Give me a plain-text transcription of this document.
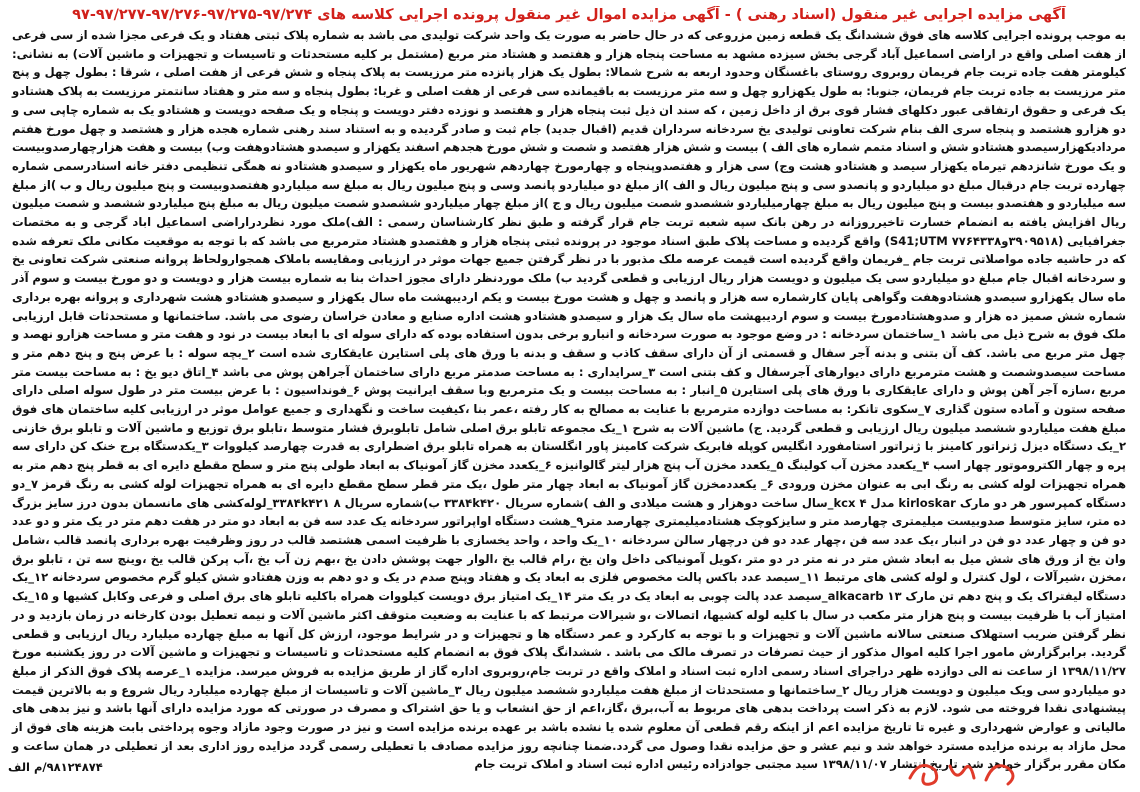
آگهی مزایده اجرایی غیر منقول (اسناد رهنی ) - آگهی مزایده اموال غیر منقول پرونده اجرایی کلاسه های ۹۷/۲۷۴-۹۷/۲۷۵-۹۷/۲۷۶-۹۷/۲۷۷-۹۷

به موجب پرونده اجرایی کلاسه های فوق ششدانگ یک قطعه زمین مزروعی که در حال حاضر به صورت یک واحد شرکت تولیدی می باشد به شماره پلاک ثبتی هفتاد و یک فرعی مجزا شده از سی فرعی از هفت اصلی واقع در اراضی اسماعیل آباد گرجی بخش سیزده مشهد به مساحت پنجاه هزار و هفتصد و هشتاد متر مربع (مشتمل بر کلیه مستحدثات و تاسیسات و تجهیزات و ماشین آلات) به نشانی: کیلومتر هفت جاده تربت جام فریمان روبروی روستای باغسنگان وحدود اربعه به شرح شمالا: بطول یک هزار پانزده متر مرزیست به پلاک پنجاه و شش فرعی از هفت اصلی ، شرقا : بطول چهل و پنج متر مرزیست به جاده تربت جام فریمان، جنوبا: به طول یکهزارو چهل و سه متر مرزیست به باقیمانده سی فرعی از هفت اصلی و غربا: بطول پنجاه و سه متر و هفتاد سانتمتر مرزیست به پلاک هشتادو یک فرعی و حقوق ارتفاقی عبور دکلهای فشار قوی برق از داخل زمین ، که سند ان ذیل ثبت پنجاه هزار و هفتصد و نوزده دفتر دویست و پنجاه و یک صفحه دویست و هشتادو یک به شماره چاپی سی و دو هزارو هشتصد و پنجاه سری الف بنام شرکت تعاونی تولیدی یخ سردخانه سرداران قدیم (اقبال جدید) جام ثبت و صادر گردیده و به استناد سند رهنی شماره هجده هزار و هشتصد و چهل مورخ هفتم مردادیکهزارسیصدو هشتادو شش و اسناد متمم شماره های الف ) بیست و شش هزار هفتصد و شصت و شش مورخ هجدهم اسفند یکهزار و سیصدو هشتادوهفت وب) بیست و هفت هزارچهارصدوبیست و یک مورخ شانزدهم تیرماه یکهزار سیصد و هشتادو هشت وج) سی هزار و هفتصدوپنجاه و چهارمورخ چهاردهم شهریور ماه یکهزار و سیصدو هشتادو نه همگی تنظیمی دفتر خانه اسنادرسمی شماره چهارده تربت جام درقبال مبلغ دو میلیاردو و پانصدو سی و پنج میلیون ریال و الف )از مبلغ دو میلیاردو پانصد وسی و پنج میلیون ریال به مبلغ سه میلیاردو هفتصدوبیست و پنج میلیون ریال و ب )از مبلغ سه میلیاردو و هفتصدو بیست و پنج میلیون ریال به مبلغ چهارمیلیاردو ششصدو شصت میلیون ریال و ج )از مبلغ چهار میلیاردو ششصدو شصت میلیون ریال به مبلغ پنج میلیاردو ششصد و شصت میلیون ریال افزایش یافته به انضمام خسارت تاخیرروزانه در رهن بانک سپه شعبه تربت جام قرار گرفته و طبق نظر کارشناسان رسمی : الف)ملک مورد نظردراراضی اسماعیل اباد گرجی و به مختصات جغرافیایی (۳۹۰۹۵۱۸و۷۷۶۴۳۳۸ S41;UTM) واقع گردیده و مساحت پلاک طبق اسناد موجود در پرونده ثبتی پنجاه هزار و هفتصدو هشتاد مترمربع می باشد که با توجه به موقعیت مکانی ملک تعرفه شده که در حاشیه جاده مواصلاتی تربت جام _فریمان واقع گردیده است قیمت عرصه ملک مذبور با در نظر گرفتن جمیع جهات موثر در ارزیابی ومقایسه باملاک همجوارولحاظ پروانه صنعتی شرکت تعاونی یخ و سردخانه اقبال جام مبلغ دو میلیاردو سی یک میلیون و دویست هزار ریال ارزیابی و قطعی گردید ب) ملک موردنظر دارای مجوز احداث بنا به شماره بیست هزار و دویست و دو مورخ بیست و سوم آذر ماه سال یکهزارو سیصدو هشتادوهفت وگواهی پایان کارشماره سه هزار و پانصد و چهل و هشت مورخ بیست و یکم اردیبهشت ماه سال یکهزار و سیصدو هشتادو هشت شهرداری و پروانه بهره برداری شماره شش صمیز ده هزار و صدوهشتادمورخ بیست و سوم اردیبهشت ماه سال یک هزار و سیصدو هشتادو هشت اداره صنایع و معادن خراسان رضوی می باشد. ساختمانها و مستحدثات قابل ارزیابی ملک فوق به شرح ذیل می باشد ۱_ساختمان سردخانه : در وضع موجود به صورت سردخانه و انبارو برخی بدون استفاده بوده که دارای سوله ای با ابعاد بیست در نود و هفت متر و مساحت هزارو نهصد و چهل متر مربع می باشد. کف آن بتنی و بدنه آجر سفال و قسمتی از آن دارای سقف کاذب و سقف و بدنه با ورق های پلی استایرن عایقکاری شده است ۲_بچه سوله : با عرض پنج و پنج دهم متر و مساحت سیصدوشصت و هشت مترمربع دارای دیوارهای آجرسفال و کف بتنی است ۳_سرایداری : به مساحت صدمتر مربع دارای ساختمان آجراهن پوش می باشد ۴_اتاق دیو یخ : به مساحت بیست متر مربع ،سازه آجر آهن پوش و دارای عایقکاری با ورق های پلی استایرن ۵_انبار : به مساحت بیست و یک مترمربع وبا سقف ایرانیت پوش ۶_فونداسیون : با عرض بیست متر در طول سوله اصلی دارای صفحه ستون و آماده ستون گذاری ۷_سکوی تانکر: به مساحت دوازده مترمربع با عنایت به مصالح به کار رفته ،عمر بنا ،کیفیت ساخت و نگهداری و جمیع عوامل موثر در ارزیابی کلیه ساختمان های فوق مبلغ هفت میلیاردو ششصد میلیون ریال ارزیابی و قطعی گردید. ج) ماشین آلات به شرح ۱_یک مجموعه تابلو برق اصلی شامل تابلوبرق فشار متوسط ،تابلو برق توزیع و ماشین آلات و تابلو برق خازنی ۲_یک دستگاه دیزل ژنراتور کامینز با ژنراتور استامفورد انگلیس کوپله فابریک شرکت کامینز پاور انگلستان به همراه تابلو برق اضطراری به قدرت چهارصد کیلووات ۳_یکدستگاه برج خنک کن دارای سه پره و چهار الکتروموتور چهار اسب ۴_یکعدد مخزن آب کولینگ ۵_یکعدد مخزن آب پنج هزار لیتر گالوانیزه ۶_یکعدد مخزن گاز آمونیاک به ابعاد طولی پنج متر و سطح مقطع دایره ای به قطر پنج دهم متر به همراه تجهیزات لوله کشی به رنگ ابی به عنوان مخزن ورودی ۶_ یکعددمخزن گاز آمونیاک به ابعاد چهار متر طول ،یک متر قطر سطح مقطع دایره ای به همراه تجهیزات لوله کشی به رنگ قرمز ۷_دو دستگاه کمپرسور هر دو مارک kirloskar مدل kcx ۴_سال ساخت دوهزار و هشت میلادی و الف )شماره سریال ۳۳۸۴k۴۲۰ ب)شماره سریال ۳۳۸۴k۴۲۱ ۸_لوله‌کشی های مانسمان بدون درز سایز بزرگ ده متر، سایز متوسط صدوبیست میلیمتری چهارصد متر و سایزکوچک هشتادمیلیمتری چهارصد متر۹_هشت دستگاه اواپراتور سردخانه یک عدد سه فن به ابعاد دو متر در هفت دهم متر در یک متر و دو عدد دو فن و چهار عدد دو فن در انبار ،یک عدد سه فن ،چهار عدد دو فن درچهار سالن سردخانه ۱۰_یک واحد ، واحد یخسازی با ظرفیت اسمی هشتصد قالب در روز وظرفیت بهره برداری پانصد قالب ،شامل وان یخ از ورق های شش میل به ابعاد شش متر در نه متر در دو متر ،کویل آمونیاکی داخل وان یخ ،رام قالب یخ ،الوار جهت پوشش دادن یخ ،بهم زن آب یخ ،آب پرکن قالب یخ ،وینچ سه تن ، تابلو برق ،مخزن ،شیرآلات ، لول کنترل و لوله کشی های مرتبط ۱۱_سیصد عدد باکس پالت مخصوص فلزی به ابعاد یک و هفتاد وپنج صدم در یک و دو دهم به وزن هفتادو شش کیلو گرم مخصوص سردخانه ۱۲_یک دستگاه لیفتراک یک و پنج دهم تن مارک alkacarb ۱۳_سیصد عدد پالت چوبی به ابعاد یک در یک متر ۱۴_یک امتیاز برق دویست کیلووات همراه باکلیه تابلو های برق اصلی و فرعی وکابل کشیها و ۱۵_یک امتیاز آب با ظرفیت بیست و پنج هزار متر مکعب در سال با کلیه لوله کشیها، اتصالات ،و شیرالات مرتبط که با عنایت به وضعیت متوقف اکثر ماشین آلات و نیمه تعطیل بودن کارخانه در زمان بازدید و در نظر گرفتن ضریب استهلاک صنعتی سالانه ماشین آلات و تجهیزات و با توجه به کارکرد و عمر دستگاه ها و تجهیزات و در شرایط موجود، ارزش کل آنها به مبلغ چهارده میلیارد ریال ارزیابی و قطعی گردید. برابرگزارش مامور اجرا کلیه اموال مذکور از حیث تصرفات در تصرف مالک می باشد . ششدانگ پلاک فوق به انضمام کلیه مستحدثات و تاسیسات و تجهیزات و ماشین آلات در روز یکشنبه مورخ ۱۳۹۸/۱۱/۲۷ از ساعت نه الی دوازده ظهر دراجرای اسناد رسمی اداره ثبت اسناد و املاک واقع در تربت جام،روبروی اداره گاز از طریق مزایده به فروش میرسد. مزایده ۱_عرصه پلاک فوق الذکر از مبلغ دو میلیاردو سی ویک میلیون و دویست هزار ریال ۲_ساختمانها و مستحدثات از مبلغ هفت میلیاردو ششصد میلیون ریال ۳_ماشین آلات و تاسیسات از مبلغ چهارده میلیارد ریال شروع و به بالاترین قیمت پیشنهادی نقدا فروخته می شود. لازم به ذکر است پرداخت بدهی های مربوط به آب،برق ،گاز،اعم از حق انشعاب و یا حق اشتراک و مصرف در صورتی که مورد مزایده دارای آنها باشد و نیز بدهی های مالیاتی و عوارض شهرداری و غیره تا تاریخ مزایده اعم از اینکه رقم قطعی آن معلوم شده یا نشده باشد بر عهده برنده مزایده است و نیز در صورت وجود مازاد وجوه پرداختی بابت هزینه های فوق از محل مازاد به برنده مزایده مسترد خواهد شد و نیم عشر و حق مزایده نقدا وصول می گردد.ضمنا چنانچه روز مزایده مصادف با تعطیلی رسمی گردد مزایده روز اداری بعد از تعطیلی در همان ساعت و مکان مقرر برگزار خواهد شد. تاریخ انتشار ۱۳۹۸/۱۱/۰۷ سید مجتبی جوادزاده رئیس اداره ثبت اسناد و املاک تربت جام

۹۸۱۲۴۸۷۴/م الف
